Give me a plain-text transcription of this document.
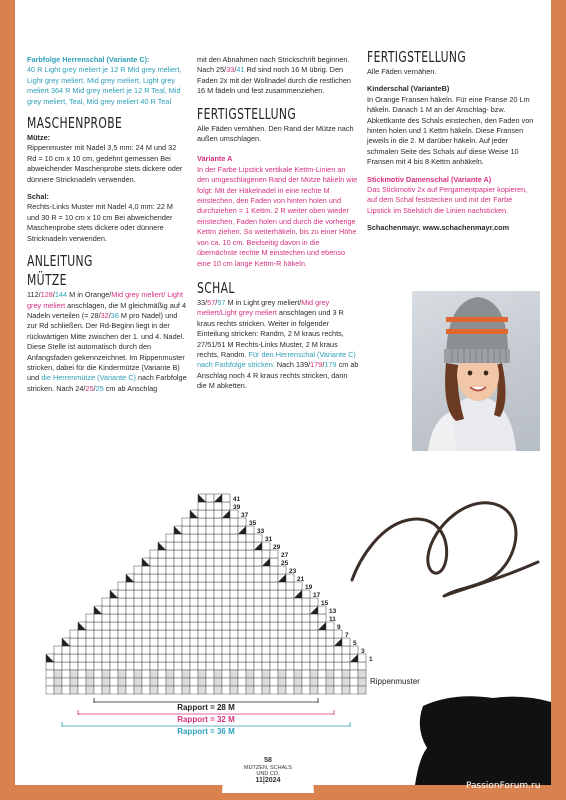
Farbfolge Herrenschal (Variante C):
40 R Light grey meliert je 12 R Mid grey meliert, Light grey meliert, Mid grey meliert, Light grey meliert 364 R Mid grey meliert je 12 R Teal, Mid grey meliert, Teal, Mid grey meliert 40 R Teal

MASCHENPROBE

Mütze:
Rippenmuster mit Nadel 3,5 mm: 24 M und 32 Rd = 10 cm x 10 cm, gedehnt gemessen Bei abweichender Maschenprobe stets dickere oder dünnere Stricknadeln verwenden.

Schal:
Rechts-Links Muster mit Nadel 4,0 mm: 22 M und 30 R = 10 cm x 10 cm Bei abweichender Maschenprobe stets dickere oder dünnere Stricknadeln verwenden.

ANLEITUNG
MÜTZE

112/128/144 M in Orange/Mid grey meliert/ Light grey meliert anschlagen, die M gleichmäßig auf 4 Nadeln verteilen (= 28/32/36 M pro Nadel) und zur Rd schließen. Der Rd-Beginn liegt in der rückwärtigen Mitte zwischen der 1. und 4. Nadel. Diese Stelle ist automatisch durch den Anfangsfaden gekennzeichnet. Im Rippenmuster stricken, dabei für die Kindermütze (Variante B) und die Herrenmütze (Variante C) nach Farbfolge stricken. Nach 24/25/25 cm ab Anschlag

mit den Abnahmen nach Strickschrift beginnen. Nach 25/33/41 Rd sind noch 16 M übrig. Den Faden 2x mit der Wollnadel durch die restlichen 16 M fädeln und fest zusammenziehen.

FERTIGSTELLUNG

Alle Fäden vernähen. Den Rand der Mütze nach außen umschlagen.

Variante A
In der Farbe Lipstick vertikale Kettm-Linien an den umgeschlagenen Rand der Mütze häkeln wie folgt: Mit der Häkelnadel in eine rechte M einstechen, den Faden von hinten holen und durchziehen = 1 Kettm. 2 R weiter oben wieder einstechen, Faden holen und durch die vorherige Kettm ziehen. So weiterhäkeln, bis zu einer Höhe von ca. 10 cm. Beidseitig davon in die übernächste rechte M einstechen und ebenso eine 10 cm lange Kettm-R häkeln.

SCHAL

33/57/57 M in Light grey meliert/Mid grey meliert/Light grey meliert anschlagen und 3 R kraus rechts stricken. Weiter in folgender Einteilung stricken: Randm, 2 M kraus rechts, 27/51/51 M Rechts-Links Muster, 2 M kraus rechts, Randm. Für den Herrenschal (Variante C) nach Farbfolge stricken. Nach 139/179/179 cm ab Anschlag noch 4 R kraus rechts stricken, dann die M abketten.

FERTIGSTELLUNG

Alle Fäden vernähen.

Kinderschal (VarianteB)
In Orange Fransen häkeln. Für eine Franse 20 Lm häkeln. Danach 1 M an der Anschlag- bzw. Abkettkante des Schals einstechen, den Faden von hinten holen und 1 Kettm häkeln. Diese Fransen jeweils in die 2. M darüber häkeln. Auf jeder schmalen Seite des Schals auf diese Weise 10 Fransen mit 4 bis 8 Kettm anhäkeln.

Stickmotiv Damenschal (Variante A)
Das Stickmotiv 2x auf Pergamentpapier kopieren, auf dem Schal feststecken und mit der Farbe Lipstick im Stielstich die Linien nachsticken.

Schachenmayr. www.schachenmayr.com

41
39
37
35
33
31
29
27
25
23
21
19
17
15
13
11
9
7
5
3
1
Rippenmuster
Rapport = 28 M
Rapport = 32 M
Rapport = 36 M
58
MÜTZEN, SCHALS
UND CO.
11|2024
PassionForum.ru
